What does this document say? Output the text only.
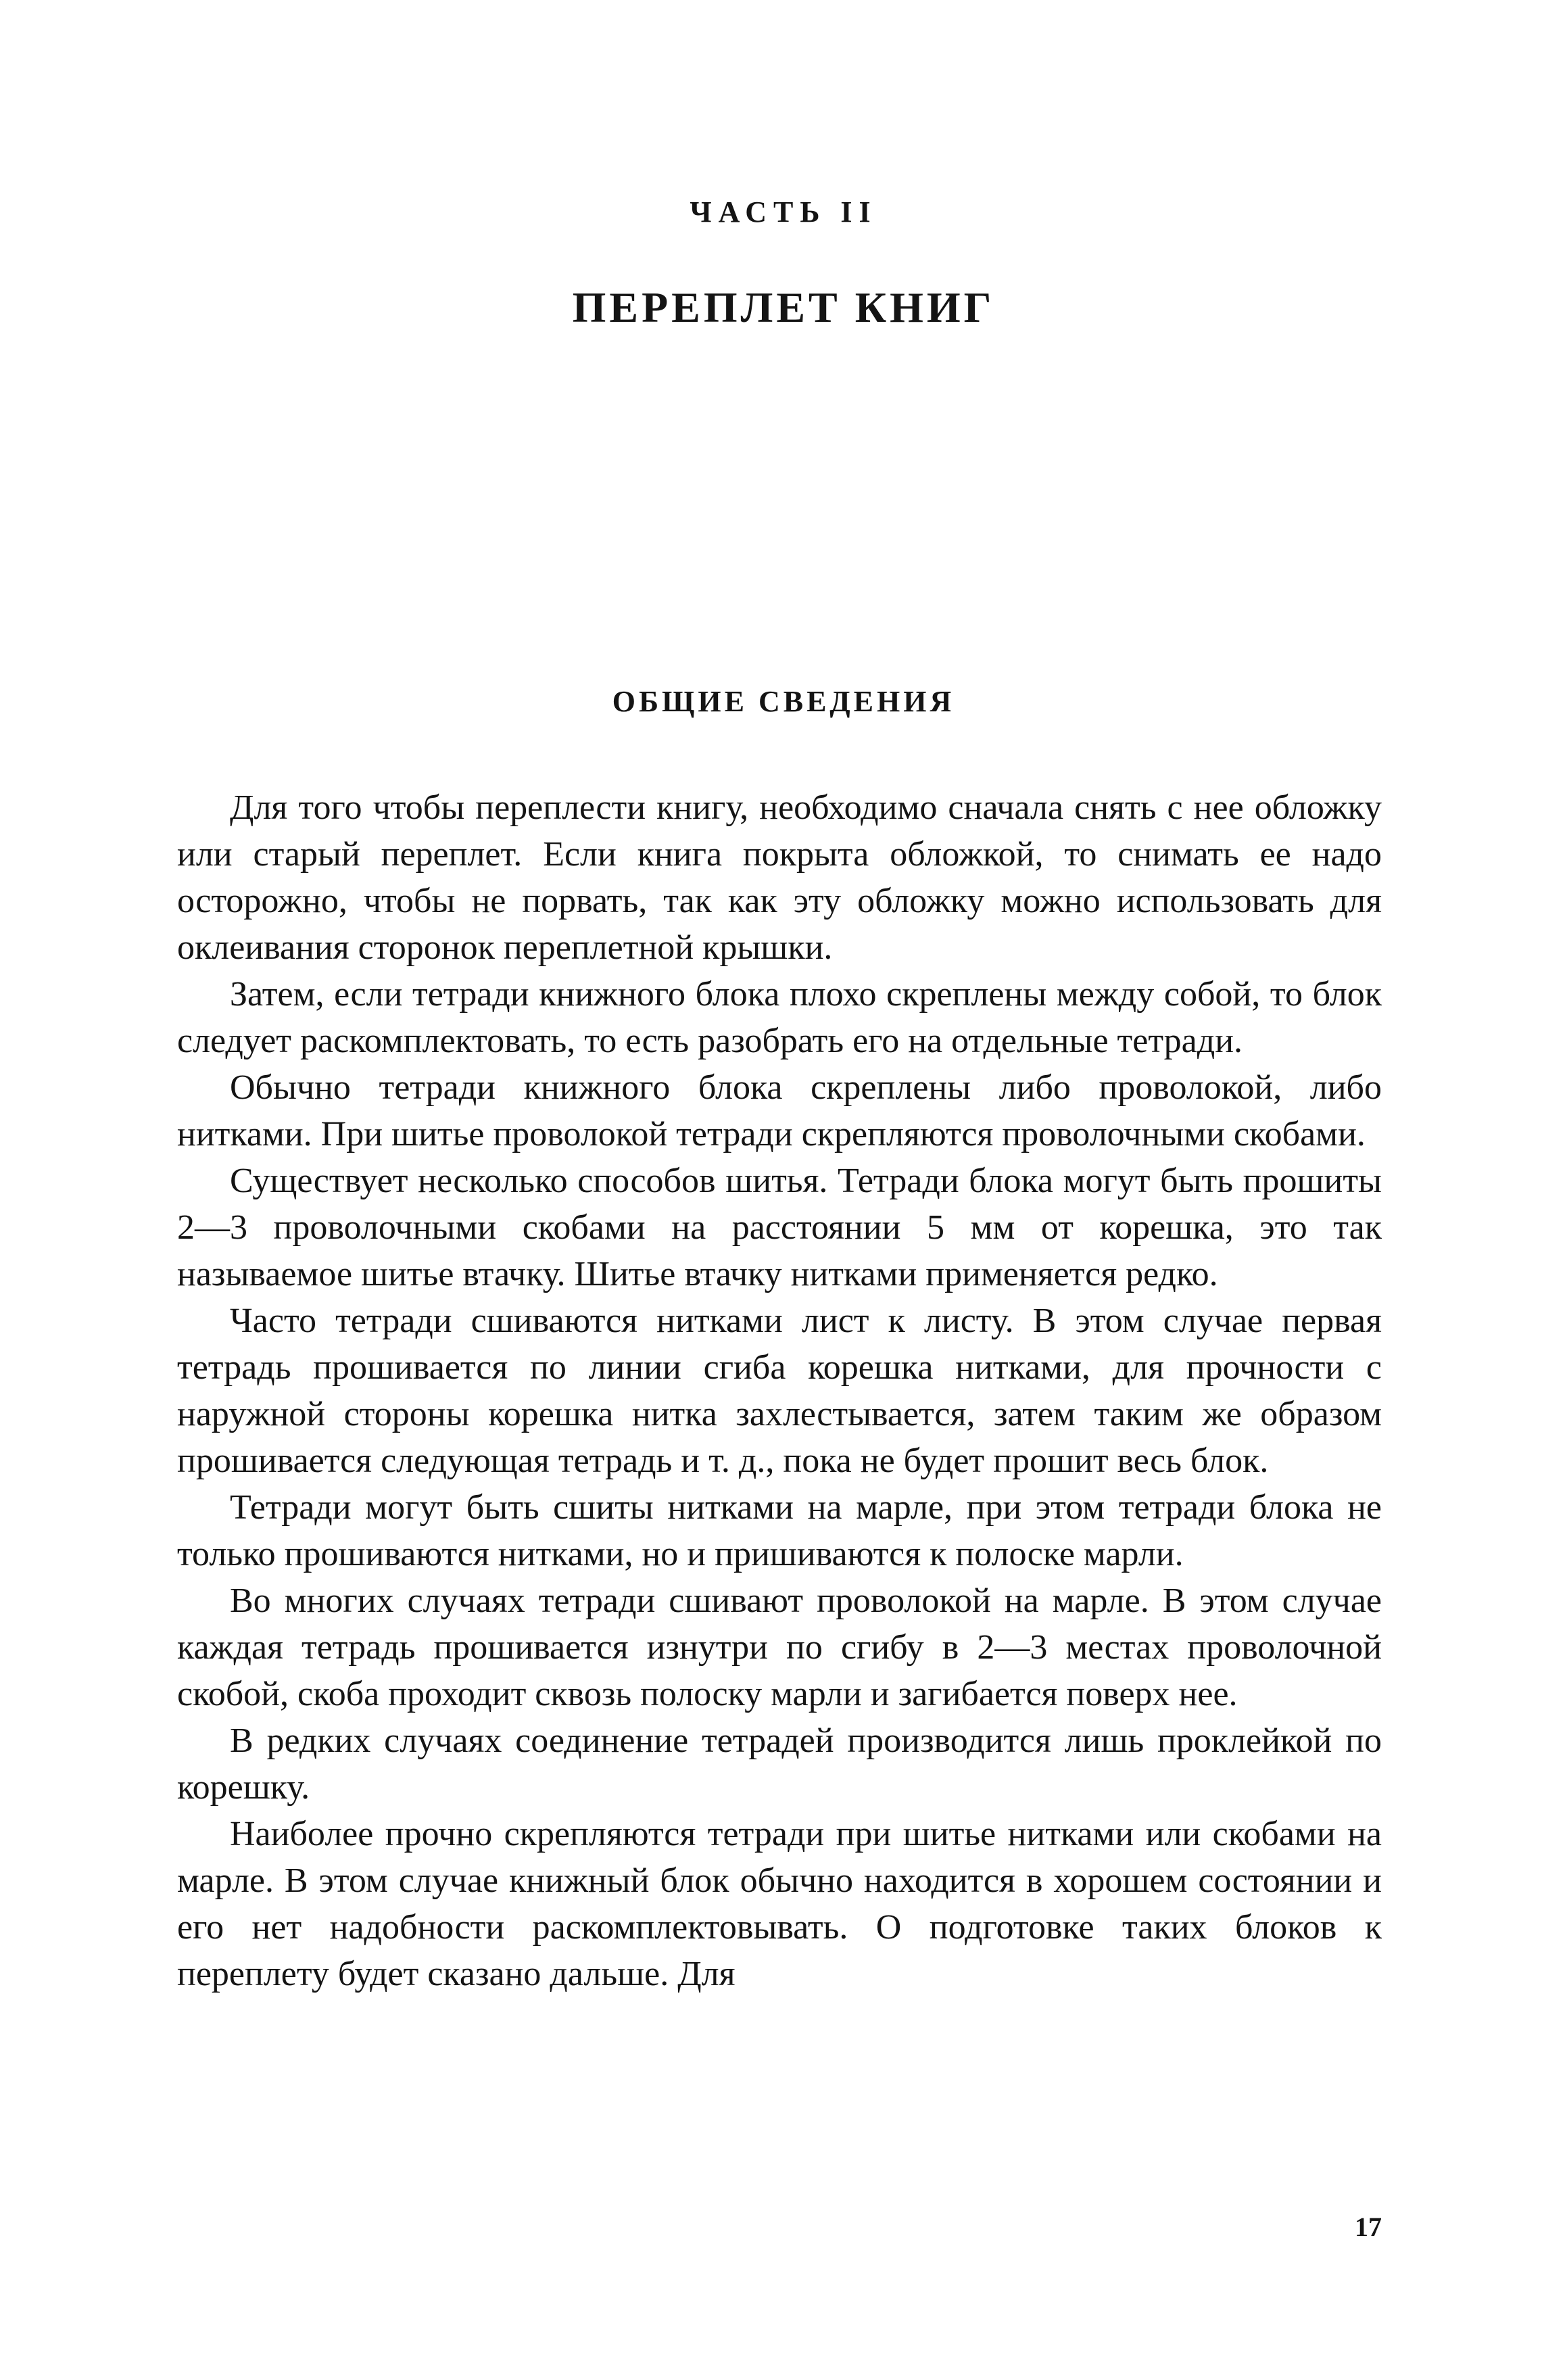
ЧАСТЬ II
ПЕРЕПЛЕТ КНИГ
ОБЩИЕ СВЕДЕНИЯ

Для того чтобы переплести книгу, необходимо сначала снять с нее обложку или старый переплет. Если книга покрыта обложкой, то снимать ее надо осторожно, чтобы не порвать, так как эту обложку можно использовать для оклеивания сторонок переплетной крышки.

Затем, если тетради книжного блока плохо скреплены между собой, то блок следует раскомплектовать, то есть разобрать его на отдельные тетради.

Обычно тетради книжного блока скреплены либо проволокой, либо нитками. При шитье проволокой тетради скрепляются проволочными скобами.

Существует несколько способов шитья. Тетради блока могут быть прошиты 2—3 проволочными скобами на расстоянии 5 мм от корешка, это так называемое шитье втачку. Шитье втачку нитками применяется редко.

Часто тетради сшиваются нитками лист к листу. В этом случае первая тетрадь прошивается по линии сгиба корешка нитками, для прочности с наружной стороны корешка нитка захлестывается, затем таким же образом прошивается следующая тетрадь и т. д., пока не будет прошит весь блок.

Тетради могут быть сшиты нитками на марле, при этом тетради блока не только прошиваются нитками, но и пришиваются к полоске марли.

Во многих случаях тетради сшивают проволокой на марле. В этом случае каждая тетрадь прошивается изнутри по сгибу в 2—3 местах проволочной скобой, скоба проходит сквозь полоску марли и загибается поверх нее.

В редких случаях соединение тетрадей производится лишь проклейкой по корешку.

Наиболее прочно скрепляются тетради при шитье нитками или скобами на марле. В этом случае книжный блок обычно находится в хорошем состоянии и его нет надобности раскомплектовывать. О подготовке таких блоков к переплету будет сказано дальше. Для

17
